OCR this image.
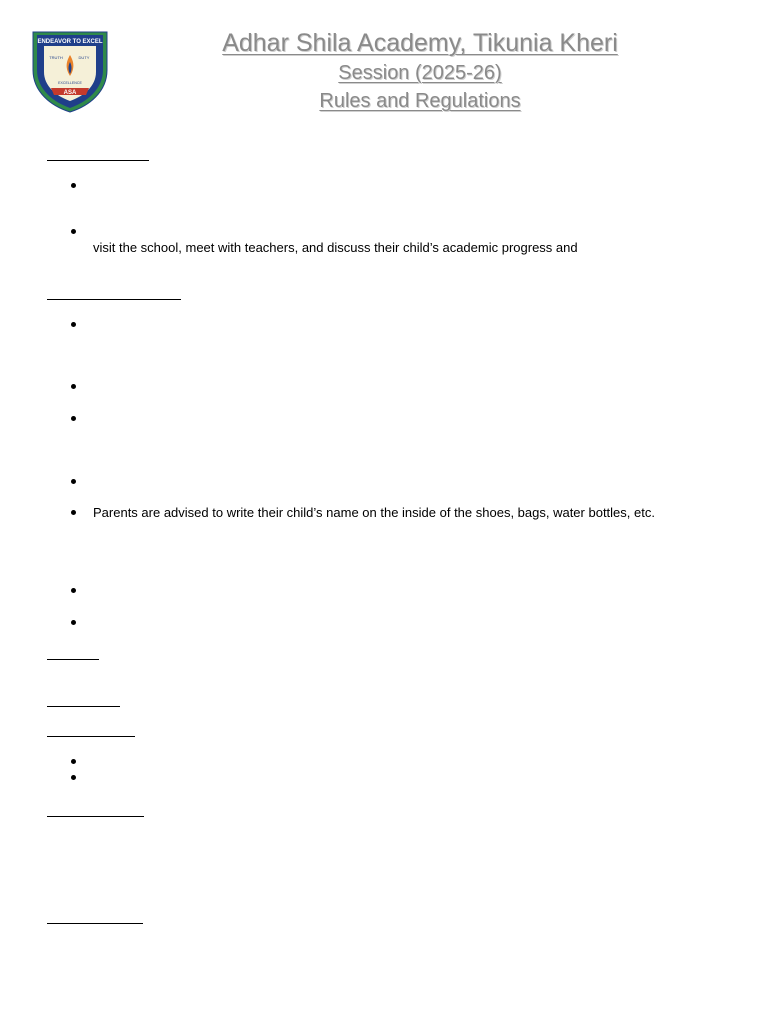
ENDEAVOR TO EXCEL
TRUTH	DUTY
EXCELLENCE
ASA
Adhar Shila Academy, Tikunia Kheri
Session (2025-26)
Rules and Regulations
visit the school, meet with teachers, and discuss their child’s academic progress and
Parents are advised to write their child’s name on the inside of the shoes, bags, water bottles, etc.
